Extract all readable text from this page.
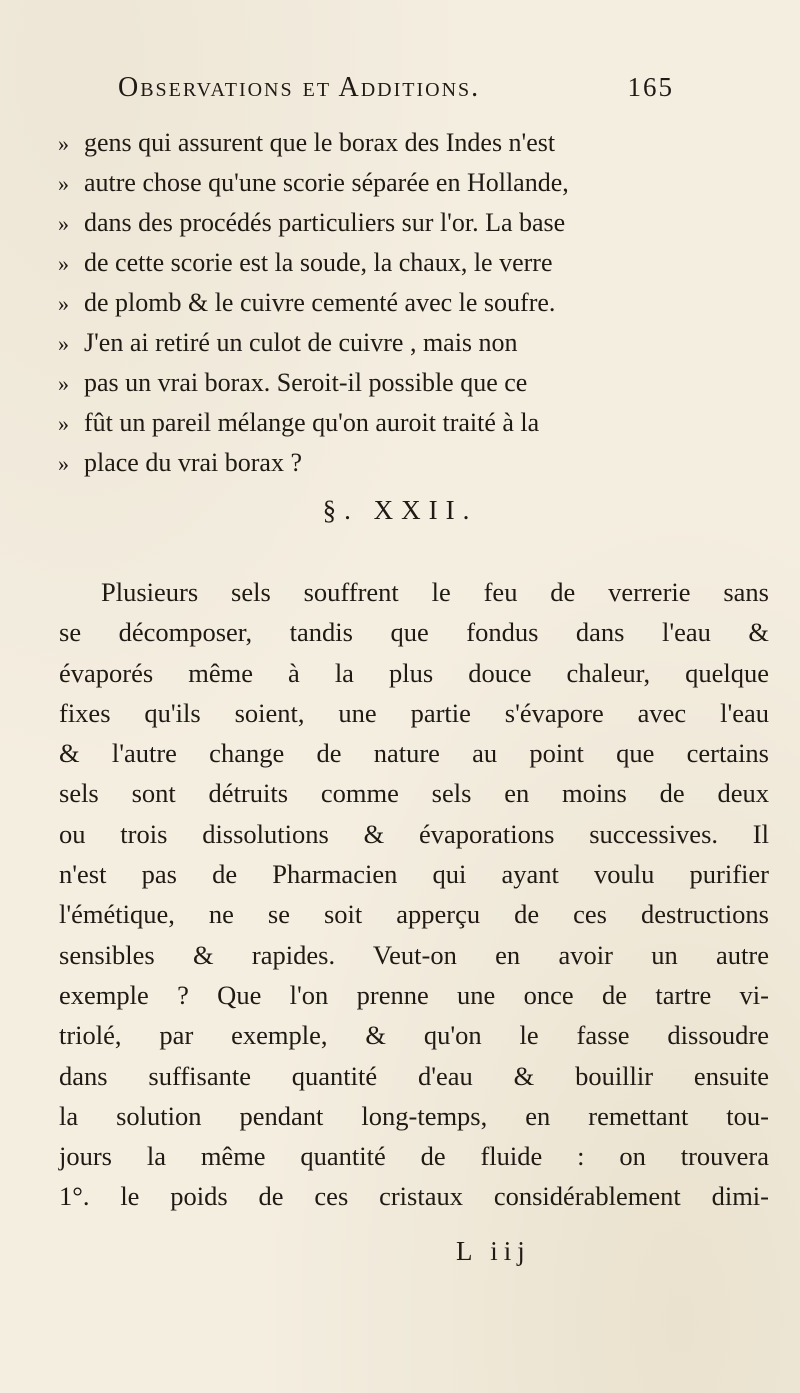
Observations et Additions.	165
» gens qui assurent que le borax des Indes n'est
» autre chose qu'une scorie séparée en Hollande,
» dans des procédés particuliers sur l'or. La base
» de cette scorie est la soude, la chaux, le verre
» de plomb & le cuivre cementé avec le soufre.
» J'en ai retiré un culot de cuivre , mais non
» pas un vrai borax. Seroit-il possible que ce
» fût un pareil mélange qu'on auroit traité à la
» place du vrai borax ?
§. XXII.
Plusieurs sels souffrent le feu de verrerie sans
se décomposer, tandis que fondus dans l'eau &
évaporés même à la plus douce chaleur, quelque
fixes qu'ils soient, une partie s'évapore avec l'eau
& l'autre change de nature au point que certains
sels sont détruits comme sels en moins de deux
ou trois dissolutions & évaporations successives. Il
n'est pas de Pharmacien qui ayant voulu purifier
l'émétique, ne se soit apperçu de ces destructions
sensibles & rapides. Veut-on en avoir un autre
exemple ? Que l'on prenne une once de tartre vi-
triolé, par exemple, & qu'on le fasse dissoudre
dans suffisante quantité d'eau & bouillir ensuite
la solution pendant long-temps, en remettant tou-
jours la même quantité de fluide : on trouvera
1°. le poids de ces cristaux considérablement dimi-
L iij
